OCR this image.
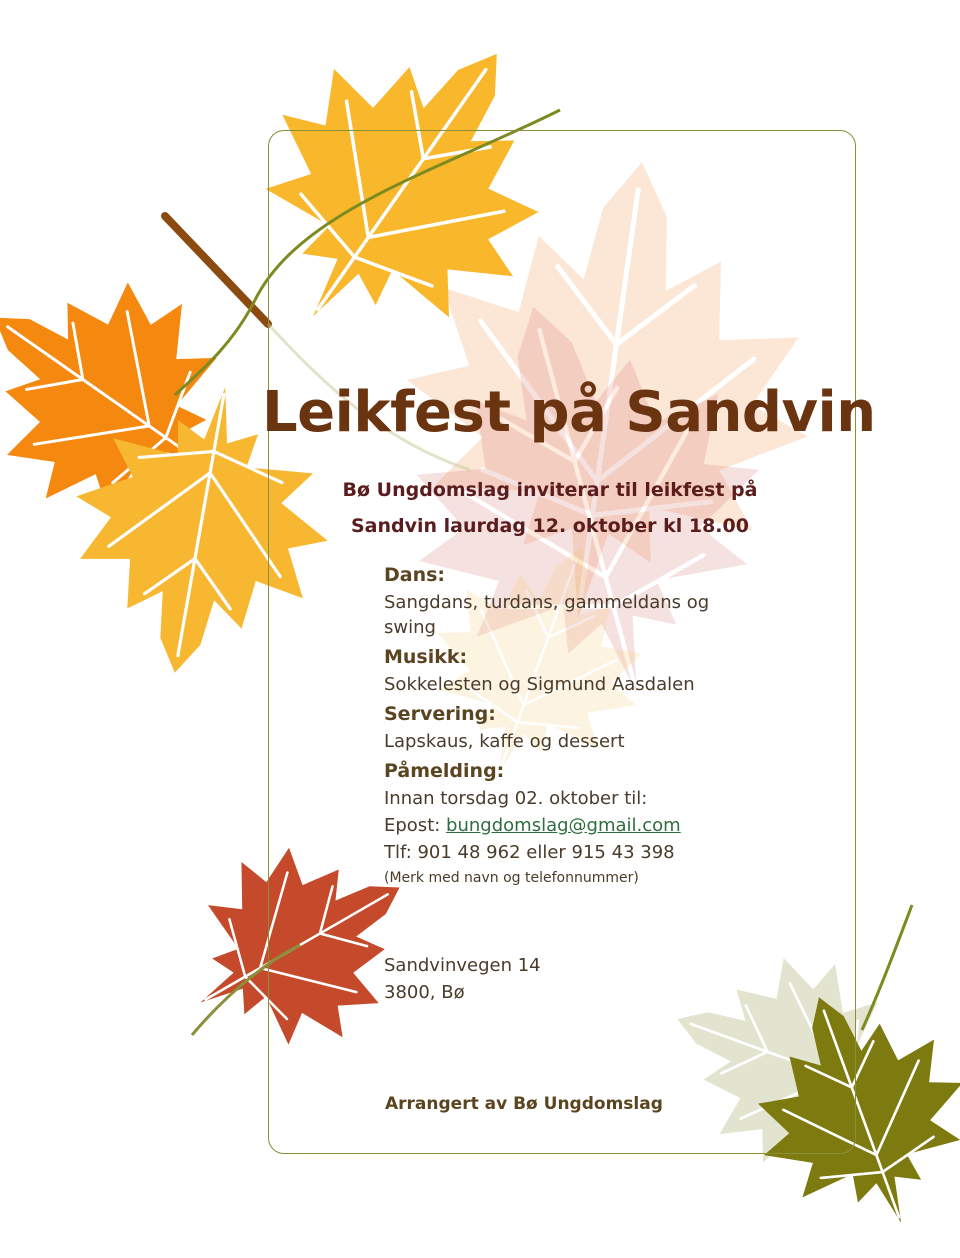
Leikfest på Sandvin
Bø Ungdomslag inviterar til leikfest på
Sandvin laurdag 12. oktober kl 18.00
Dans:

Sangdans, turdans, gammeldans og swing

Musikk:

Sokkelesten og Sigmund Aasdalen

Servering:

Lapskaus, kaffe og dessert

Påmelding:

Innan torsdag 02. oktober til:

Epost: bungdomslag@gmail.com

Tlf: 901 48 962 eller 915 43 398

(Merk med navn og telefonnummer)

Sandvinvegen 14

3800, Bø

Arrangert av Bø Ungdomslag
